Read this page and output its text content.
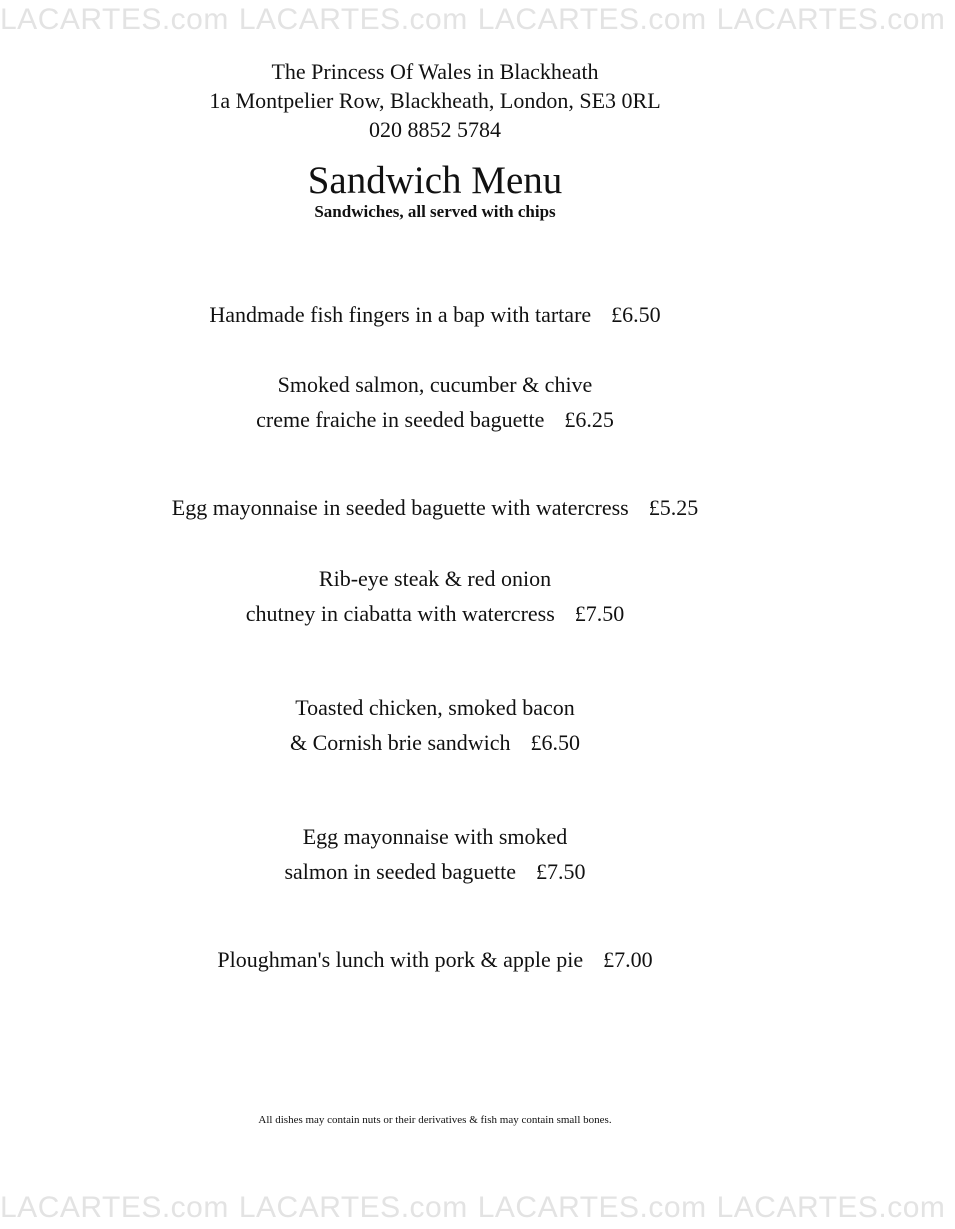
LACARTES.com LACARTES.com LACARTES.com LACARTES.com
The Princess Of Wales in Blackheath
1a Montpelier Row, Blackheath, London, SE3 0RL
020 8852 5784
Sandwich Menu
Sandwiches, all served with chips
Handmade fish fingers in a bap with tartare £6.50
Smoked salmon, cucumber & chive
creme fraiche in seeded baguette £6.25
Egg mayonnaise in seeded baguette with watercress £5.25
Rib-eye steak & red onion
chutney in ciabatta with watercress £7.50
Toasted chicken, smoked bacon
& Cornish brie sandwich £6.50
Egg mayonnaise with smoked
salmon in seeded baguette £7.50
Ploughman's lunch with pork & apple pie £7.00
All dishes may contain nuts or their derivatives & fish may contain small bones.
LACARTES.com LACARTES.com LACARTES.com LACARTES.com
